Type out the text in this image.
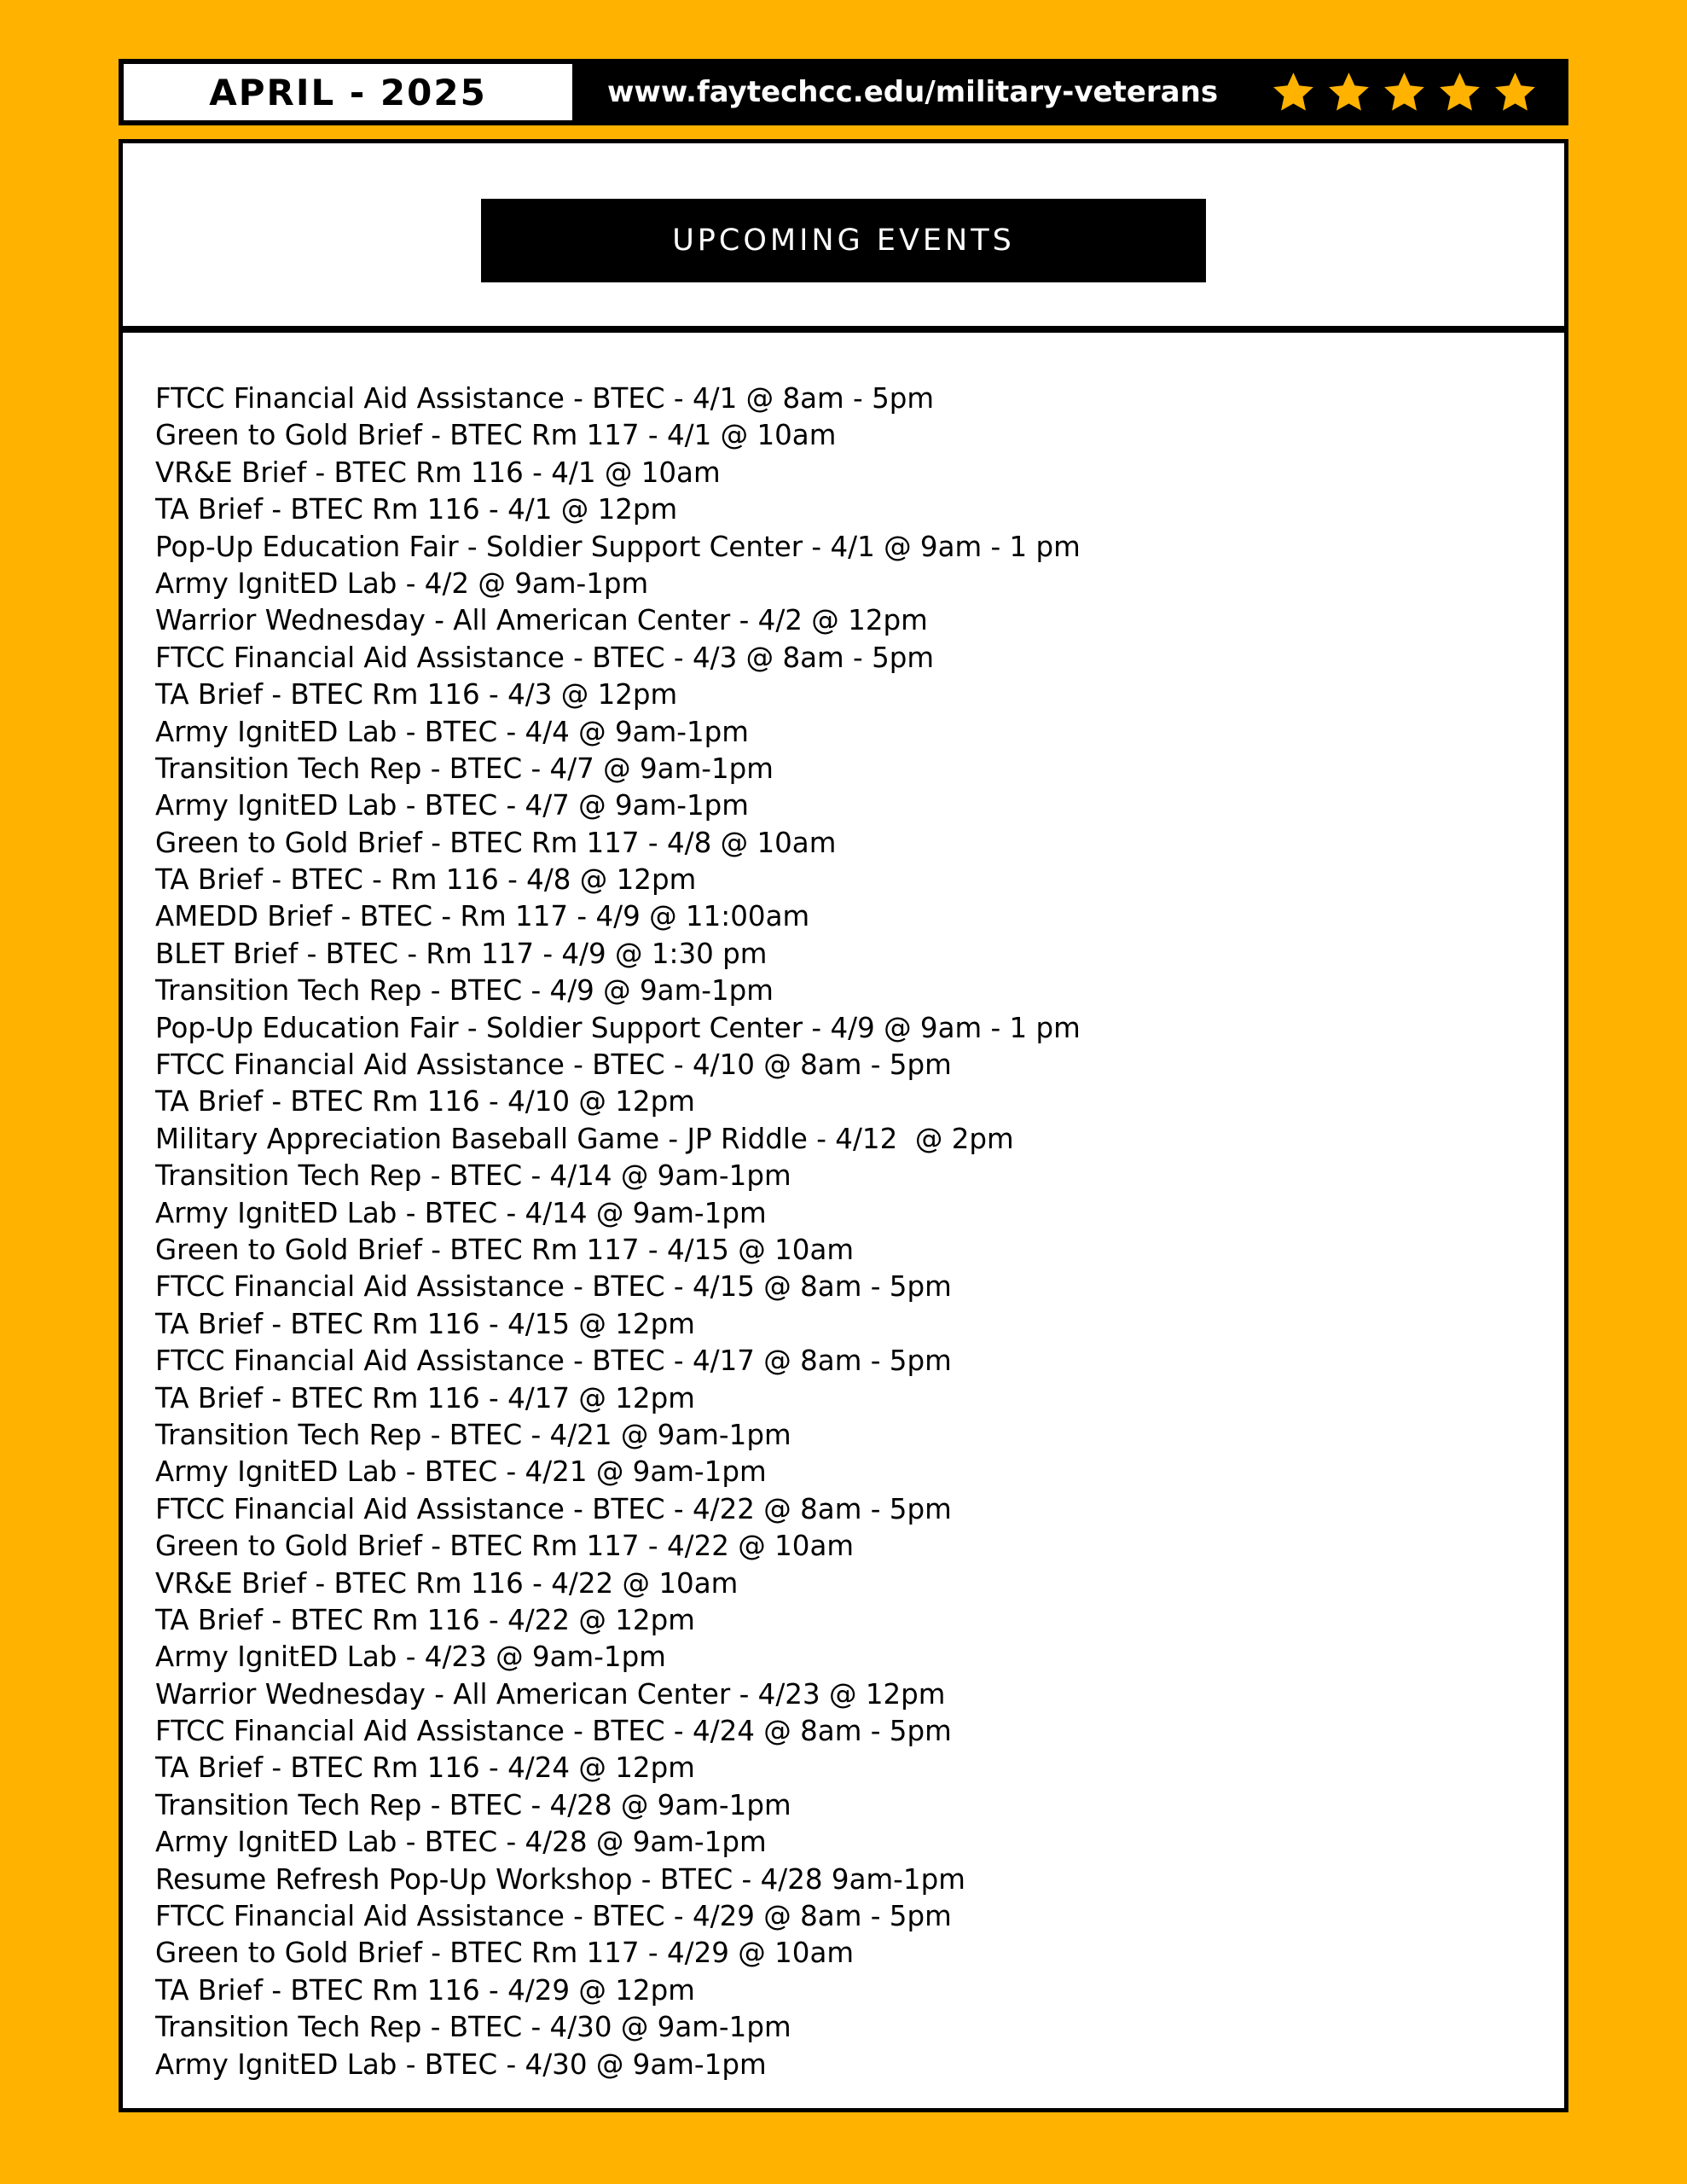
APRIL - 2025	www.faytechcc.edu/military-veterans
UPCOMING EVENTS
FTCC Financial Aid Assistance - BTEC - 4/1 @ 8am - 5pm
Green to Gold Brief - BTEC Rm 117 - 4/1 @ 10am
VR&E Brief - BTEC Rm 116 - 4/1 @ 10am
TA Brief - BTEC Rm 116 - 4/1 @ 12pm
Pop-Up Education Fair - Soldier Support Center - 4/1 @ 9am - 1 pm
Army IgnitED Lab - 4/2 @ 9am-1pm
Warrior Wednesday - All American Center - 4/2 @ 12pm
FTCC Financial Aid Assistance - BTEC - 4/3 @ 8am - 5pm
TA Brief - BTEC Rm 116 - 4/3 @ 12pm
Army IgnitED Lab - BTEC - 4/4 @ 9am-1pm
Transition Tech Rep - BTEC - 4/7 @ 9am-1pm
Army IgnitED Lab - BTEC - 4/7 @ 9am-1pm
Green to Gold Brief - BTEC Rm 117 - 4/8 @ 10am
TA Brief - BTEC - Rm 116 - 4/8 @ 12pm
AMEDD Brief - BTEC - Rm 117 - 4/9 @ 11:00am
BLET Brief - BTEC - Rm 117 - 4/9 @ 1:30 pm
Transition Tech Rep - BTEC - 4/9 @ 9am-1pm
Pop-Up Education Fair - Soldier Support Center - 4/9 @ 9am - 1 pm
FTCC Financial Aid Assistance - BTEC - 4/10 @ 8am - 5pm
TA Brief - BTEC Rm 116 - 4/10 @ 12pm
Military Appreciation Baseball Game - JP Riddle - 4/12  @ 2pm
Transition Tech Rep - BTEC - 4/14 @ 9am-1pm
Army IgnitED Lab - BTEC - 4/14 @ 9am-1pm
Green to Gold Brief - BTEC Rm 117 - 4/15 @ 10am
FTCC Financial Aid Assistance - BTEC - 4/15 @ 8am - 5pm
TA Brief - BTEC Rm 116 - 4/15 @ 12pm
FTCC Financial Aid Assistance - BTEC - 4/17 @ 8am - 5pm
TA Brief - BTEC Rm 116 - 4/17 @ 12pm
Transition Tech Rep - BTEC - 4/21 @ 9am-1pm
Army IgnitED Lab - BTEC - 4/21 @ 9am-1pm
FTCC Financial Aid Assistance - BTEC - 4/22 @ 8am - 5pm
Green to Gold Brief - BTEC Rm 117 - 4/22 @ 10am
VR&E Brief - BTEC Rm 116 - 4/22 @ 10am
TA Brief - BTEC Rm 116 - 4/22 @ 12pm
Army IgnitED Lab - 4/23 @ 9am-1pm
Warrior Wednesday - All American Center - 4/23 @ 12pm
FTCC Financial Aid Assistance - BTEC - 4/24 @ 8am - 5pm
TA Brief - BTEC Rm 116 - 4/24 @ 12pm
Transition Tech Rep - BTEC - 4/28 @ 9am-1pm
Army IgnitED Lab - BTEC - 4/28 @ 9am-1pm
Resume Refresh Pop-Up Workshop - BTEC - 4/28 9am-1pm
FTCC Financial Aid Assistance - BTEC - 4/29 @ 8am - 5pm
Green to Gold Brief - BTEC Rm 117 - 4/29 @ 10am
TA Brief - BTEC Rm 116 - 4/29 @ 12pm
Transition Tech Rep - BTEC - 4/30 @ 9am-1pm
Army IgnitED Lab - BTEC - 4/30 @ 9am-1pm
